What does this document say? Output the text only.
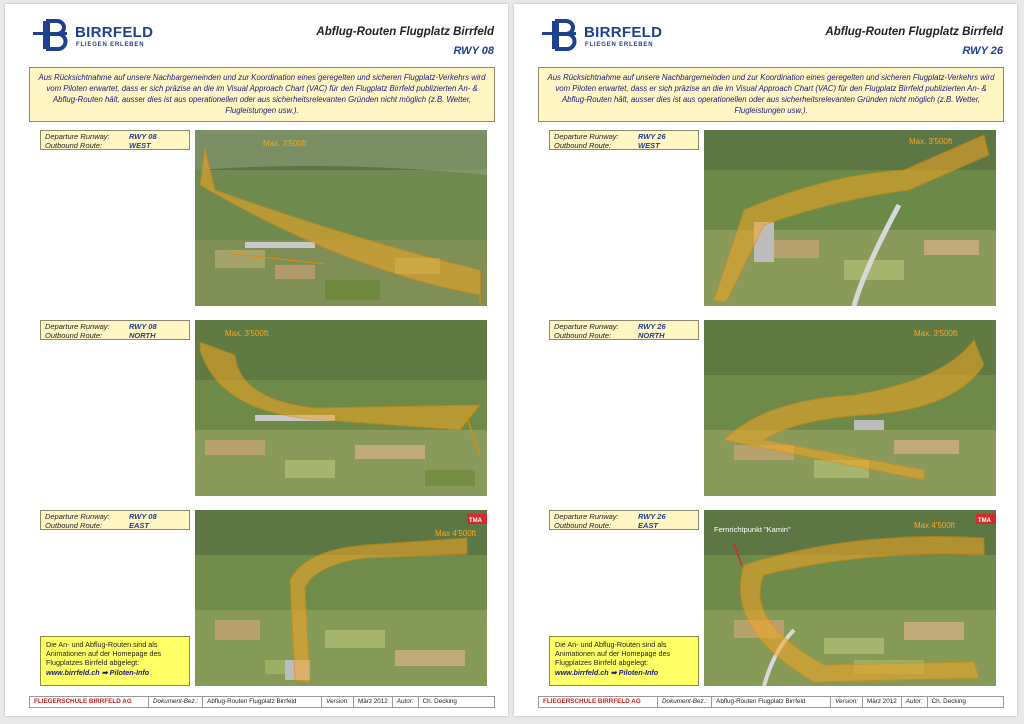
BIRRFELD
FLIEGEN ERLEBEN
Abflug-Routen Flugplatz Birrfeld
RWY 08
Aus Rücksichtnahme auf unsere Nachbargemeinden und zur Koordination eines geregelten und sicheren Flugplatz-Verkehrs wird vom Piloten erwartet, dass er sich präzise an die im Visual Approach Chart (VAC) für den Flugplatz Birrfeld publizierten An- & Abflug-Routen hält, ausser dies ist aus operationellen oder aus sicherheitsrelevanten Gründen nicht möglich (z.B. Wetter, Flugleistungen usw.).
Departure Runway:	RWY 08
Outbound Route:	WEST	Max. 3'500ft
Departure Runway:	RWY 08
Outbound Route:	NORTH	Max. 3'500ft
Departure Runway:	RWY 08
Outbound Route:	EAST	TMA
Max 4'500ft
Die An- und Abflug-Routen sind als Animationen auf der Homepage des Flugplatzes Birrfeld abgelegt:
www.birrfeld.ch ➡ Piloten-Info
FLIEGERSCHULE BIRRFELD AG	Dokument-Bez.:	Abflug-Routen Flugplatz Birrfeld	Version:	März 2012	Autor:	Ch. Decking
BIRRFELD
FLIEGEN ERLEBEN
Abflug-Routen Flugplatz Birrfeld
RWY 26
Aus Rücksichtnahme auf unsere Nachbargemeinden und zur Koordination eines geregelten und sicheren Flugplatz-Verkehrs wird vom Piloten erwartet, dass er sich präzise an die im Visual Approach Chart (VAC) für den Flugplatz Birrfeld publizierten An- & Abflug-Routen hält, ausser dies ist aus operationellen oder aus sicherheitsrelevanten Gründen nicht möglich (z.B. Wetter, Flugleistungen usw.).
Departure Runway:	RWY 26
Outbound Route:	WEST	Max. 3'500ft
Departure Runway:	RWY 26
Outbound Route:	NORTH	Max. 3'500ft
Departure Runway:	RWY 26
Outbound Route:	EAST	TMA
Max 4'500ft
Fernrichtpunkt "Kamin"
Die An- und Abflug-Routen sind als Animationen auf der Homepage des Flugplatzes Birrfeld abgelegt:
www.birrfeld.ch ➡ Piloten-Info
FLIEGERSCHULE BIRRFELD AG	Dokument-Bez.:	Abflug-Routen Flugplatz Birrfeld	Version:	März 2012	Autor:	Ch. Decking
